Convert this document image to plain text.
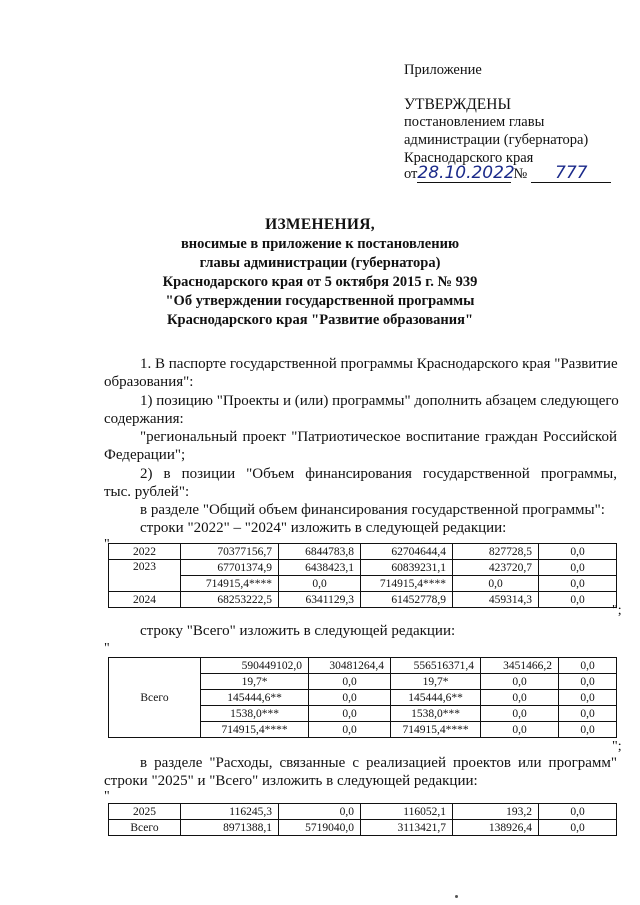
Приложение
УТВЕРЖДЕНЫ
постановлением главы
администрации (губернатора)
Краснодарского края
от 28.10.2022
№	777
ИЗМЕНЕНИЯ,
вносимые в приложение к постановлению
главы администрации (губернатора)
Краснодарского края от 5 октября 2015 г. № 939
"Об утверждении государственной программы
Краснодарского края "Развитие образования"
1. В паспорте государственной программы Краснодарского края "Развитие
образования":
1) позицию "Проекты и (или) программы" дополнить абзацем следующего
содержания:
"региональный проект "Патриотическое воспитание граждан Российской
Федерации";
2) в позиции "Объем финансирования государственной программы,
тыс. рублей":
в разделе "Общий объем финансирования государственной программы":
строки "2022" – "2024" изложить в следующей редакции:
" 2022	70377156,7	6844783,8	62704644,4	827728,5	0,0
2023	67701374,9	6438423,1	60839231,1	423720,7	0,0
	714915,4****	0,0	714915,4****	0,0	0,0
2024	68253222,5	6341129,3	61452778,9	459314,3	0,0
";
строку "Всего" изложить в следующей редакции:
"
Всего	590449102,0	30481264,4	556516371,4	3451466,2	0,0
	19,7*	0,0	19,7*	0,0	0,0
	145444,6**	0,0	145444,6**	0,0	0,0
	1538,0***	0,0	1538,0***	0,0	0,0
	714915,4****	0,0	714915,4****	0,0	0,0
";
в разделе "Расходы, связанные с реализацией проектов или программ"
строки "2025" и "Всего" изложить в следующей редакции:
"
2025	116245,3	0,0	116052,1	193,2	0,0
Всего	8971388,1	5719040,0	3113421,7	138926,4	0,0
